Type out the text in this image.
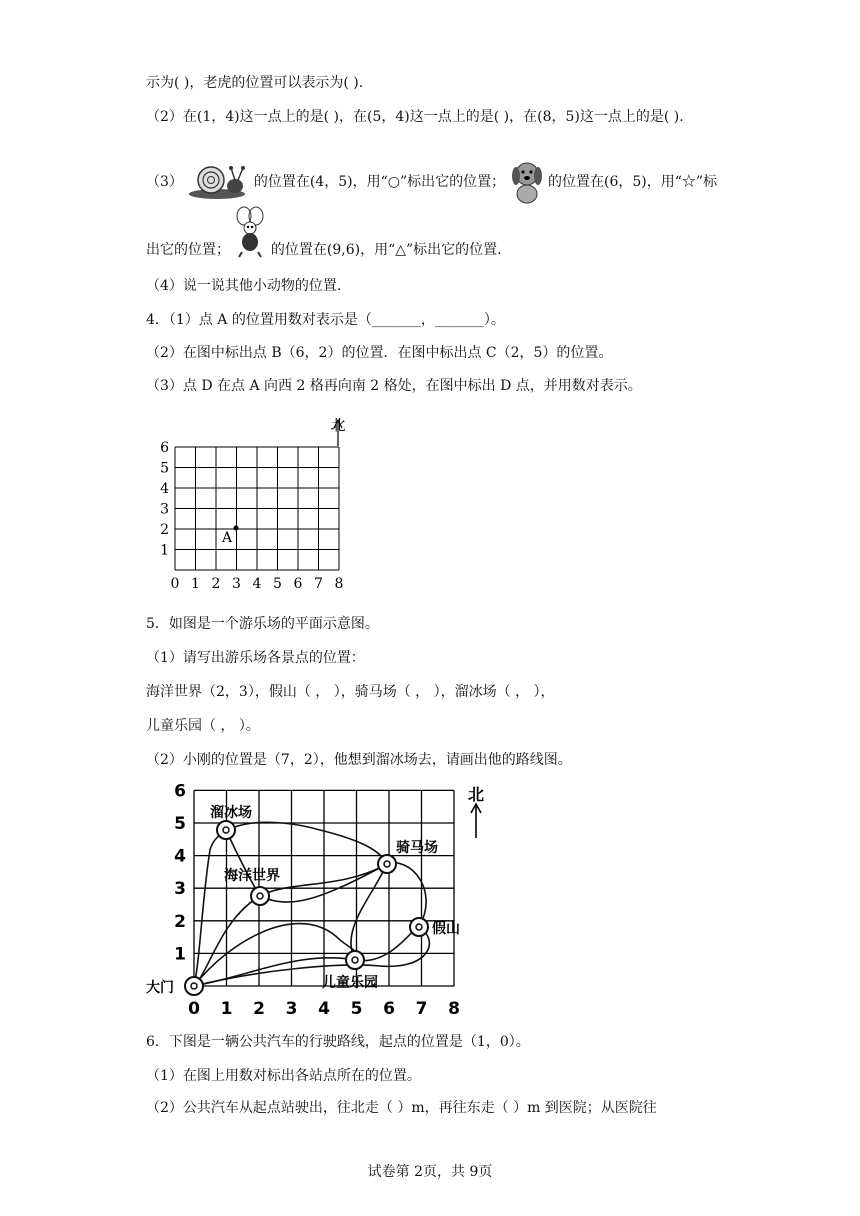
示为( )，老虎的位置可以表示为( ).
（2）在(1，4)这一点上的是( )，在(5，4)这一点上的是( )，在(8，5)这一点上的是( ).
（3）	的位置在(4，5)，用“○”标出它的位置；	的位置在(6，5)，用“☆”标
出它的位置；	的位置在(9,6)，用“△”标出它的位置.
（4）说一说其他小动物的位置.
4．（1）点 A 的位置用数对表示是（_______，_______）。
（2）在图中标出点 B（6，2）的位置．在图中标出点 C（2，5）的位置。
（3）点 D 在点 A 向西 2 格再向南 2 格处，在图中标出 D 点，并用数对表示。
北
A
0 1 2 3 4 5 6 7 8
1
2
3
4
5
6
5．如图是一个游乐场的平面示意图。
（1）请写出游乐场各景点的位置：
海洋世界（2，3），假山（ ， ），骑马场（ ， ），溜冰场（ ， ），
儿童乐园（ ， ）。
（2）小刚的位置是（7，2），他想到溜冰场去，请画出他的路线图。
溜冰场
骑马场
海洋世界
假山
儿童乐园
大门
北
0 1 2 3 4 5 6 7 8
1
2
3
4
5
6
6．下图是一辆公共汽车的行驶路线，起点的位置是（1，0）。
（1）在图上用数对标出各站点所在的位置。
（2）公共汽车从起点站驶出，往北走（ ）m，再往东走（ ）m 到医院；从医院往
试卷第 2页，共 9页
